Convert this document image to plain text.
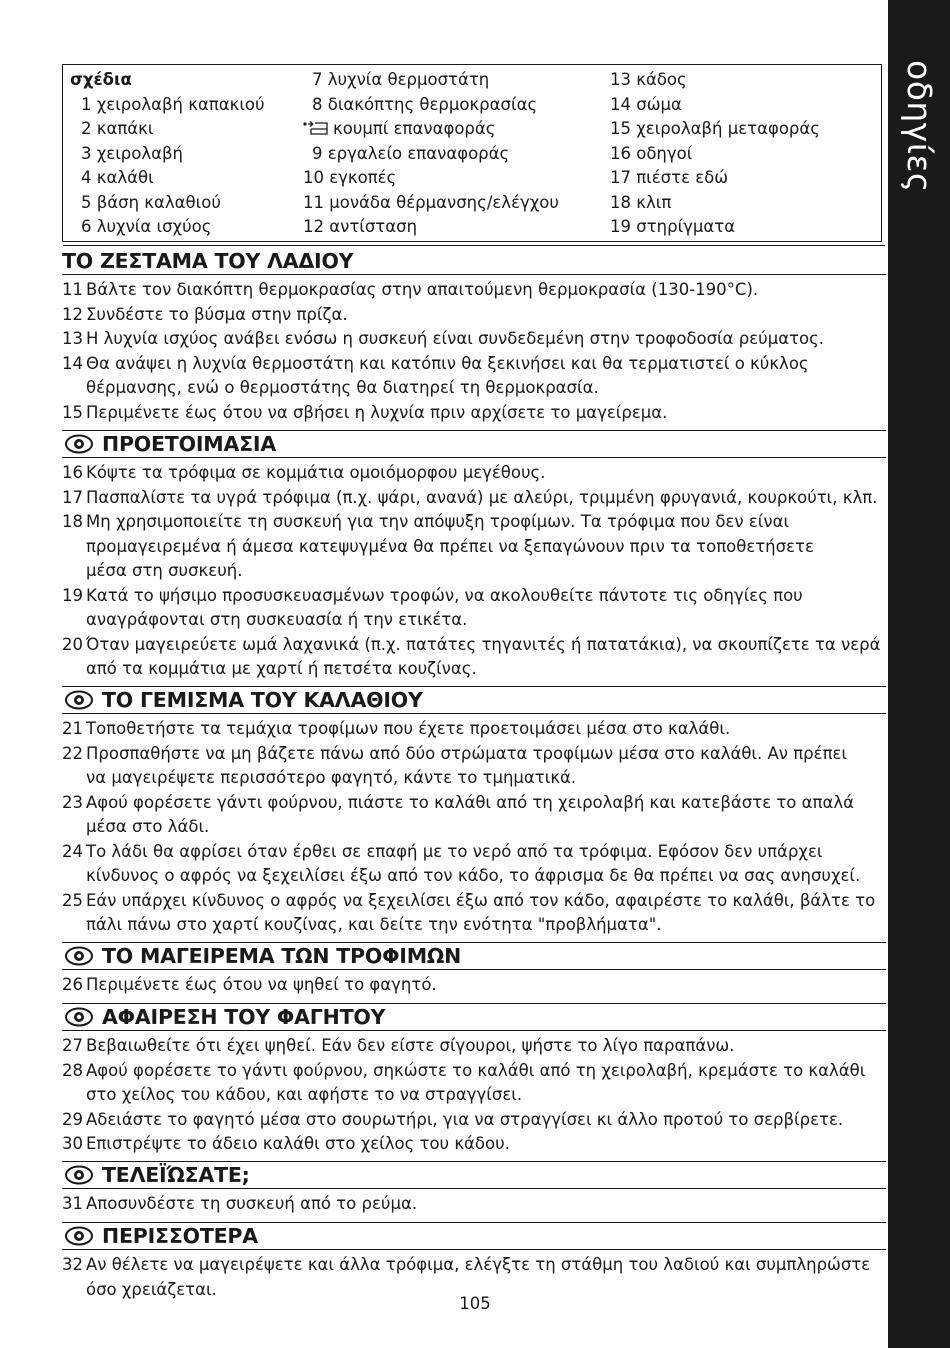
οδηγίες
σχέδια
1 χειρολαβή καπακιού
2 καπάκι
3 χειρολαβή
4 καλάθι
5 βάση καλαθιού
6 λυχνία ισχύος
7 λυχνία θερμοστάτη
8 διακόπτης θερμοκρασίας
κουμπί επαναφοράς
9 εργαλείο επαναφοράς
10 εγκοπές
11 μονάδα θέρμανσης/ελέγχου
12 αντίσταση
13 κάδος
14 σώμα
15 χειρολαβή μεταφοράς
16 οδηγοί
17 πιέστε εδώ
18 κλιπ
19 στηρίγματα
ΤΟ ΖΕΣΤΑΜΑ ΤΟΥ ΛΑΔΙΟΥ
11 Βάλτε τον διακόπτη θερμοκρασίας στην απαιτούμενη θερμοκρασία (130-190°C).
12 Συνδέστε το βύσμα στην πρίζα.
13 Η λυχνία ισχύος ανάβει ενόσω η συσκευή είναι συνδεδεμένη στην τροφοδοσία ρεύματος.
14 Θα ανάψει η λυχνία θερμοστάτη και κατόπιν θα ξεκινήσει και θα τερματιστεί ο κύκλος
θέρμανσης, ενώ ο θερμοστάτης θα διατηρεί τη θερμοκρασία.
15 Περιμένετε έως ότου να σβήσει η λυχνία πριν αρχίσετε το μαγείρεμα.
ΠΡΟΕΤΟΙΜΑΣΙΑ
16 Κόψτε τα τρόφιμα σε κομμάτια ομοιόμορφου μεγέθους.
17 Πασπαλίστε τα υγρά τρόφιμα (π.χ. ψάρι, ανανά) με αλεύρι, τριμμένη φρυγανιά, κουρκούτι, κλπ.
18 Μη χρησιμοποιείτε τη συσκευή για την απόψυξη τροφίμων. Τα τρόφιμα που δεν είναι
προμαγειρεμένα ή άμεσα κατεψυγμένα θα πρέπει να ξεπαγώνουν πριν τα τοποθετήσετε
μέσα στη συσκευή.
19 Κατά το ψήσιμο προσυσκευασμένων τροφών, να ακολουθείτε πάντοτε τις οδηγίες που
αναγράφονται στη συσκευασία ή την ετικέτα.
20 Όταν μαγειρεύετε ωμά λαχανικά (π.χ. πατάτες τηγανιτές ή πατατάκια), να σκουπίζετε τα νερά
από τα κομμάτια με χαρτί ή πετσέτα κουζίνας.
ΤΟ ΓΕΜΙΣΜΑ ΤΟΥ ΚΑΛΑΘΙΟΥ
21 Τοποθετήστε τα τεμάχια τροφίμων που έχετε προετοιμάσει μέσα στο καλάθι.
22 Προσπαθήστε να μη βάζετε πάνω από δύο στρώματα τροφίμων μέσα στο καλάθι. Αν πρέπει
να μαγειρέψετε περισσότερο φαγητό, κάντε το τμηματικά.
23 Αφού φορέσετε γάντι φούρνου, πιάστε το καλάθι από τη χειρολαβή και κατεβάστε το απαλά
μέσα στο λάδι.
24 Το λάδι θα αφρίσει όταν έρθει σε επαφή με το νερό από τα τρόφιμα. Εφόσον δεν υπάρχει
κίνδυνος ο αφρός να ξεχειλίσει έξω από τον κάδο, το άφρισμα δε θα πρέπει να σας ανησυχεί.
25 Εάν υπάρχει κίνδυνος ο αφρός να ξεχειλίσει έξω από τον κάδο, αφαιρέστε το καλάθι, βάλτε το
πάλι πάνω στο χαρτί κουζίνας, και δείτε την ενότητα "προβλήματα".
ΤΟ ΜΑΓΕΙΡΕΜΑ ΤΩΝ ΤΡΟΦΙΜΩΝ
26 Περιμένετε έως ότου να ψηθεί το φαγητό.
ΑΦΑΙΡΕΣΗ ΤΟΥ ΦΑΓΗΤΟΥ
27 Βεβαιωθείτε ότι έχει ψηθεί. Εάν δεν είστε σίγουροι, ψήστε το λίγο παραπάνω.
28 Αφού φορέσετε το γάντι φούρνου, σηκώστε το καλάθι από τη χειρολαβή, κρεμάστε το καλάθι
στο χείλος του κάδου, και αφήστε το να στραγγίσει.
29 Αδειάστε το φαγητό μέσα στο σουρωτήρι, για να στραγγίσει κι άλλο προτού το σερβίρετε.
30 Επιστρέψτε το άδειο καλάθι στο χείλος του κάδου.
ΤΕΛΕΪΏΣΑΤΕ;
31 Αποσυνδέστε τη συσκευή από το ρεύμα.
ΠΕΡΙΣΣΟΤΕΡΑ
32 Αν θέλετε να μαγειρέψετε και άλλα τρόφιμα, ελέγξτε τη στάθμη του λαδιού και συμπληρώστε
όσο χρειάζεται.
105
